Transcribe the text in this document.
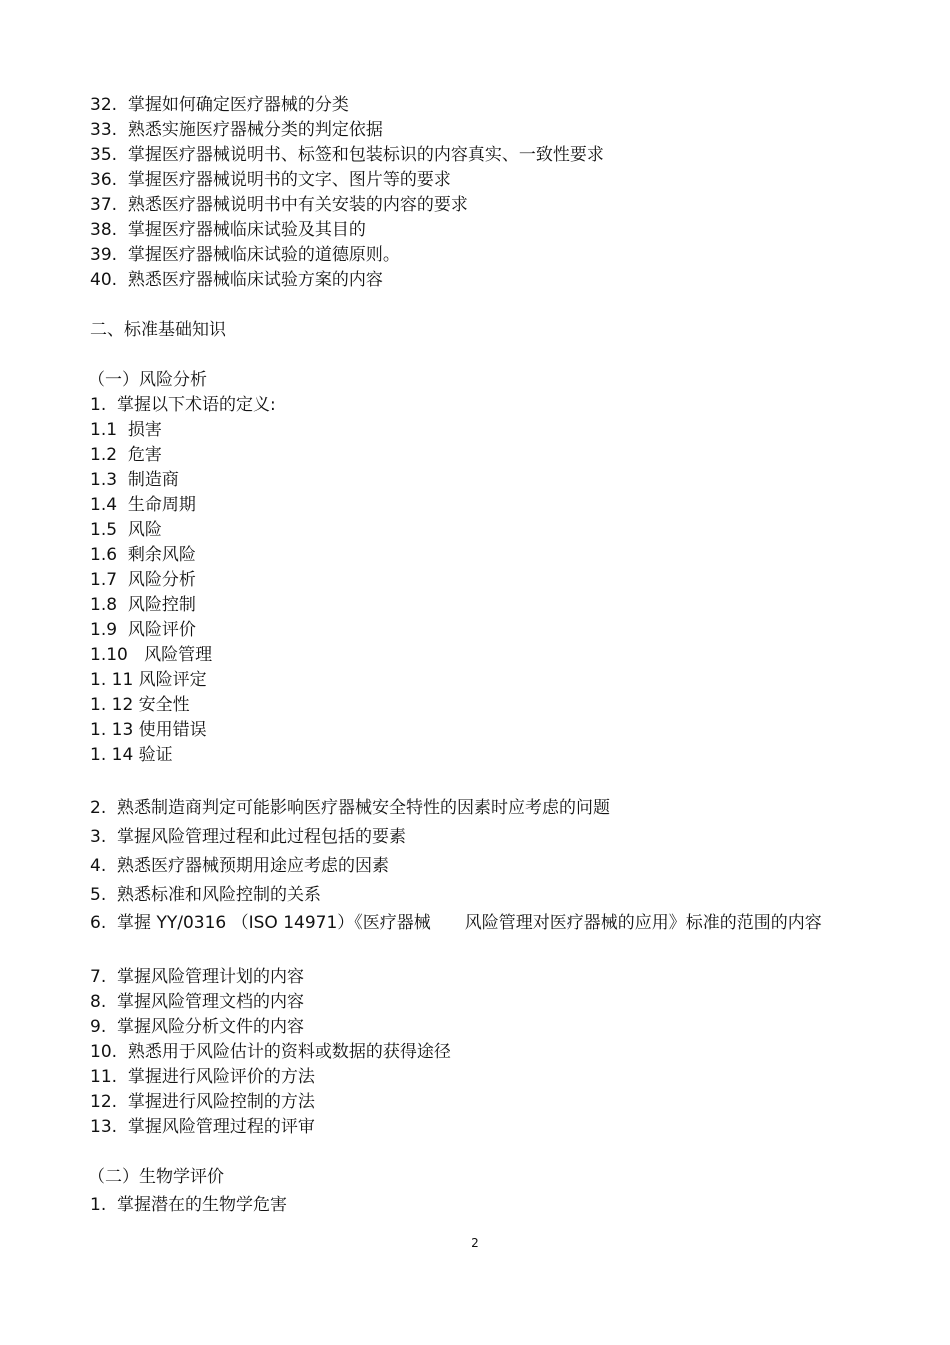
32. 掌握如何确定医疗器械的分类
33. 熟悉实施医疗器械分类的判定依据
35. 掌握医疗器械说明书、标签和包装标识的内容真实、一致性要求
36. 掌握医疗器械说明书的文字、图片等的要求
37. 熟悉医疗器械说明书中有关安装的内容的要求
38. 掌握医疗器械临床试验及其目的
39. 掌握医疗器械临床试验的道德原则。
40. 熟悉医疗器械临床试验方案的内容
二、标准基础知识
（一）风险分析
1. 掌握以下术语的定义:
1.1 损害
1.2 危害
1.3 制造商
1.4 生命周期
1.5 风险
1.6 剩余风险
1.7 风险分析
1.8 风险控制
1.9 风险评价
1.10 风险管理
1. 11 风险评定
1. 12 安全性
1. 13 使用错误
1. 14 验证
2. 熟悉制造商判定可能影响医疗器械安全特性的因素时应考虑的问题
3. 掌握风险管理过程和此过程包括的要素
4. 熟悉医疗器械预期用途应考虑的因素
5. 熟悉标准和风险控制的关系
6. 掌握 YY/0316 （ISO 14971）《医疗器械　　风险管理对医疗器械的应用》标准的范围的内容
7. 掌握风险管理计划的内容
8. 掌握风险管理文档的内容
9. 掌握风险分析文件的内容
10. 熟悉用于风险估计的资料或数据的获得途径
11. 掌握进行风险评价的方法
12. 掌握进行风险控制的方法
13. 掌握风险管理过程的评审
（二）生物学评价
1. 掌握潜在的生物学危害
2
